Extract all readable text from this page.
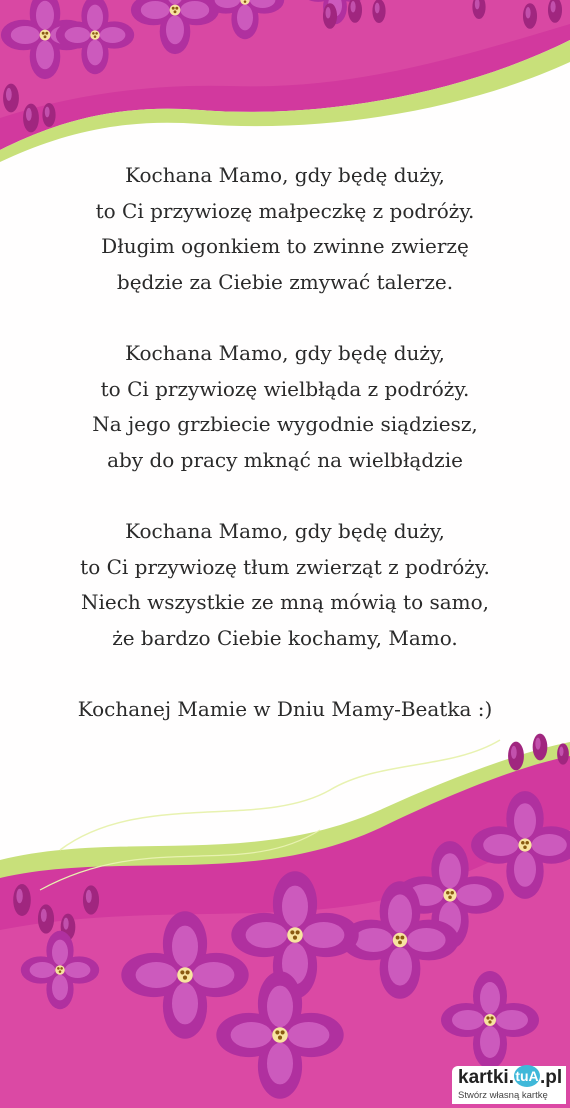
Kochana Mamo, gdy będę duży,
to Ci przywiozę małpeczkę z podróży.
Długim ogonkiem to zwinne zwierzę
będzie za Ciebie zmywać talerze.
Kochana Mamo, gdy będę duży,
to Ci przywiozę wielbłąda z podróży.
Na jego grzbiecie wygodnie siądziesz,
aby do pracy mknąć na wielbłądzie
Kochana Mamo, gdy będę duży,
to Ci przywiozę tłum zwierząt z podróży.
Niech wszystkie ze mną mówią to samo,
że bardzo Ciebie kochamy, Mamo.
Kochanej Mamie w Dniu Mamy-Beatka :)
kartki.tuA.pl
Stwórz własną kartkę
